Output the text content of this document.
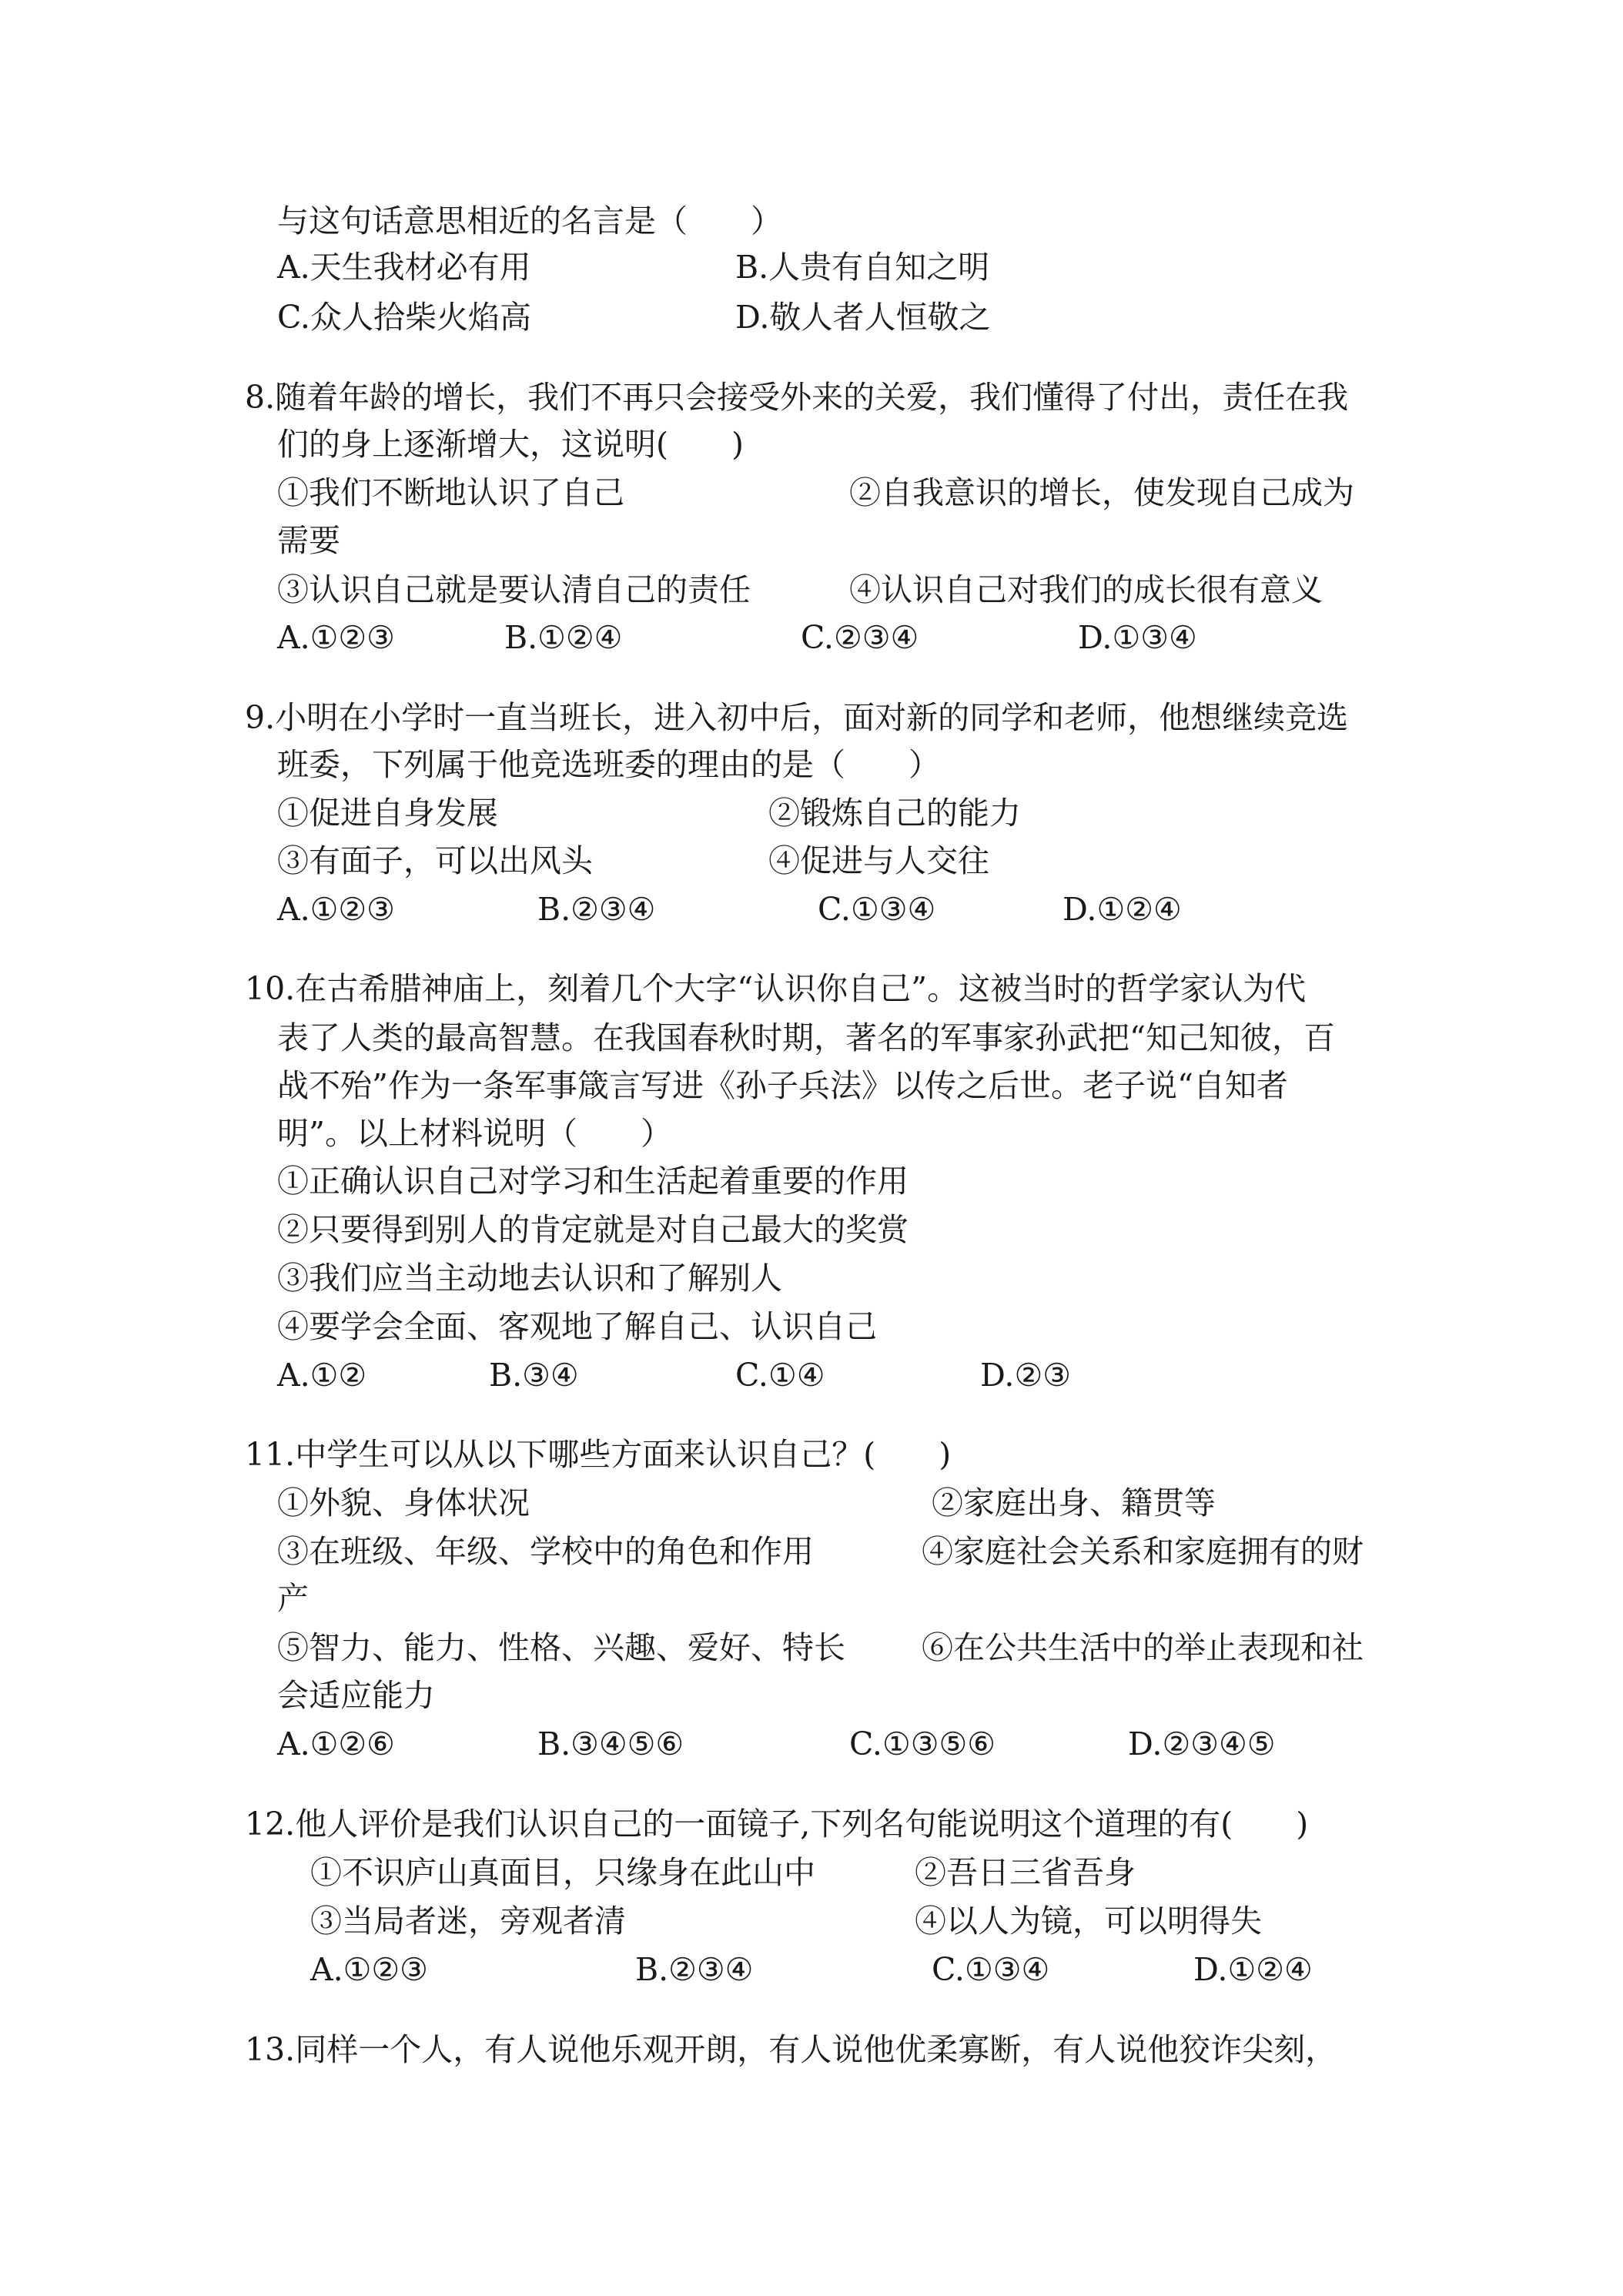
与这句话意思相近的名言是（　　）
A.天生我材必有用	B.人贵有自知之明
C.众人拾柴火焰高	D.敬人者人恒敬之
8.随着年龄的增长，我们不再只会接受外来的关爱，我们懂得了付出，责任在我
们的身上逐渐增大，这说明(　　)
①我们不断地认识了自己	②自我意识的增长，使发现自己成为
需要
③认识自己就是要认清自己的责任	④认识自己对我们的成长很有意义
A.①②③	B.①②④	C.②③④	D.①③④
9.小明在小学时一直当班长，进入初中后，面对新的同学和老师，他想继续竞选
班委，下列属于他竞选班委的理由的是（　　）
①促进自身发展	②锻炼自己的能力
③有面子，可以出风头	④促进与人交往
A.①②③	B.②③④	C.①③④	D.①②④
10.在古希腊神庙上，刻着几个大字“认识你自己”。这被当时的哲学家认为代
表了人类的最高智慧。在我国春秋时期，著名的军事家孙武把“知己知彼，百
战不殆”作为一条军事箴言写进《孙子兵法》以传之后世。老子说“自知者
明”。以上材料说明（　　）
①正确认识自己对学习和生活起着重要的作用
②只要得到别人的肯定就是对自己最大的奖赏
③我们应当主动地去认识和了解别人
④要学会全面、客观地了解自己、认识自己
A.①②	B.③④	C.①④	D.②③
11.中学生可以从以下哪些方面来认识自己？(　　)
①外貌、身体状况	②家庭出身、籍贯等
③在班级、年级、学校中的角色和作用	④家庭社会关系和家庭拥有的财
产
⑤智力、能力、性格、兴趣、爱好、特长 ⑥在公共生活中的举止表现和社
会适应能力
A.①②⑥	B.③④⑤⑥	C.①③⑤⑥	D.②③④⑤
12.他人评价是我们认识自己的一面镜子,下列名句能说明这个道理的有(　　)
①不识庐山真面目，只缘身在此山中	②吾日三省吾身
③当局者迷，旁观者清	④以人为镜，可以明得失
A.①②③	B.②③④	C.①③④	D.①②④
13.同样一个人，有人说他乐观开朗，有人说他优柔寡断，有人说他狡诈尖刻，
